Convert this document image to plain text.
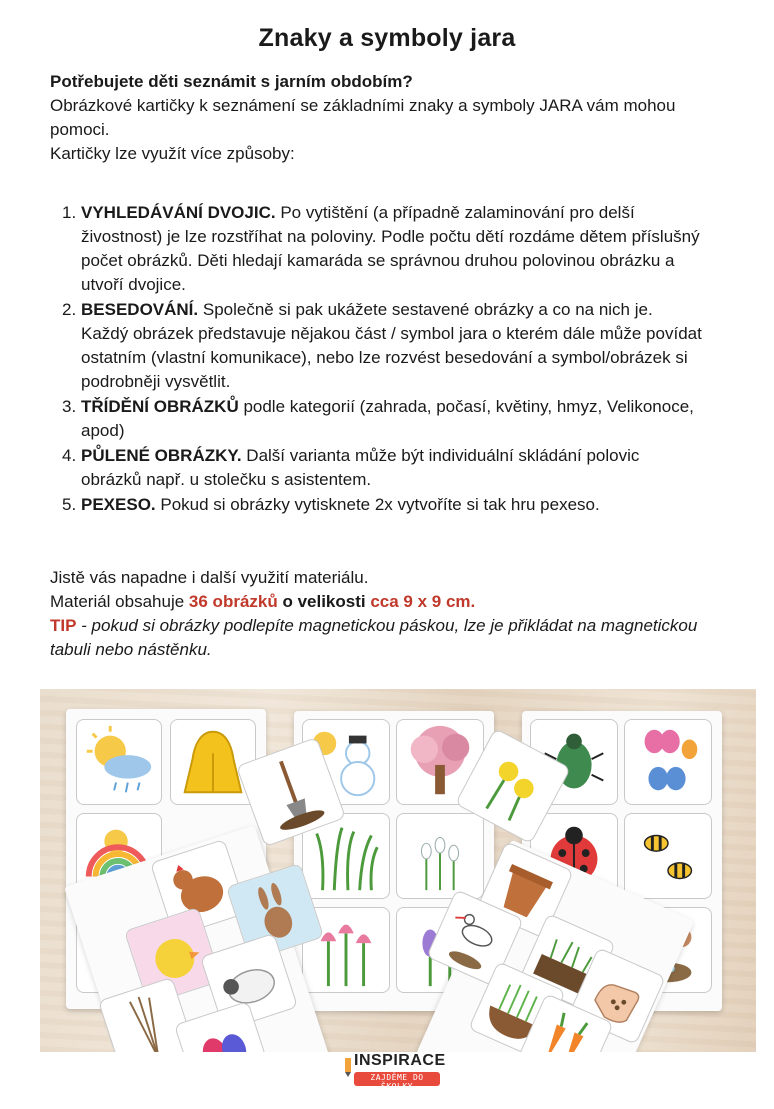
Znaky a symboly jara

Potřebujete děti seznámit s jarním obdobím?

Obrázkové kartičky k seznámení se základními znaky a symboly JARA vám mohou pomoci.

Kartičky lze využít více způsoby:

1. VYHLEDÁVÁNÍ DVOJIC. Po vytištění (a případně zalaminování pro delší živostnost) je lze rozstříhat na poloviny. Podle počtu dětí rozdáme dětem příslušný počet obrázků. Děti hledají kamaráda se správnou druhou polovinou obrázku a utvoří dvojice.
2. BESEDOVÁNÍ. Společně si pak ukážete sestavené obrázky a co na nich je. Každý obrázek představuje nějakou část / symbol jara o kterém dále může povídat ostatním (vlastní komunikace), nebo lze rozvést besedování a symbol/obrázek si podrobněji vysvětlit.
3. TŘÍDĚNÍ OBRÁZKŮ podle kategorií (zahrada, počasí, květiny, hmyz, Velikonoce, apod)
4. PŮLENÉ OBRÁZKY. Další varianta může být individuální skládání polovic obrázků např. u stolečku s asistentem.
5. PEXESO. Pokud si obrázky vytisknete 2x vytvoříte si tak hru pexeso.

Jistě vás napadne i další využití materiálu.

Materiál obsahuje 36 obrázků o velikosti cca 9 x 9 cm.

TIP - pokud si obrázky podlepíte magnetickou páskou, lze je přikládat na magnetickou tabuli nebo nástěnku.

INSPIRACE
ZAJDĚME DO ŠKOLKY
